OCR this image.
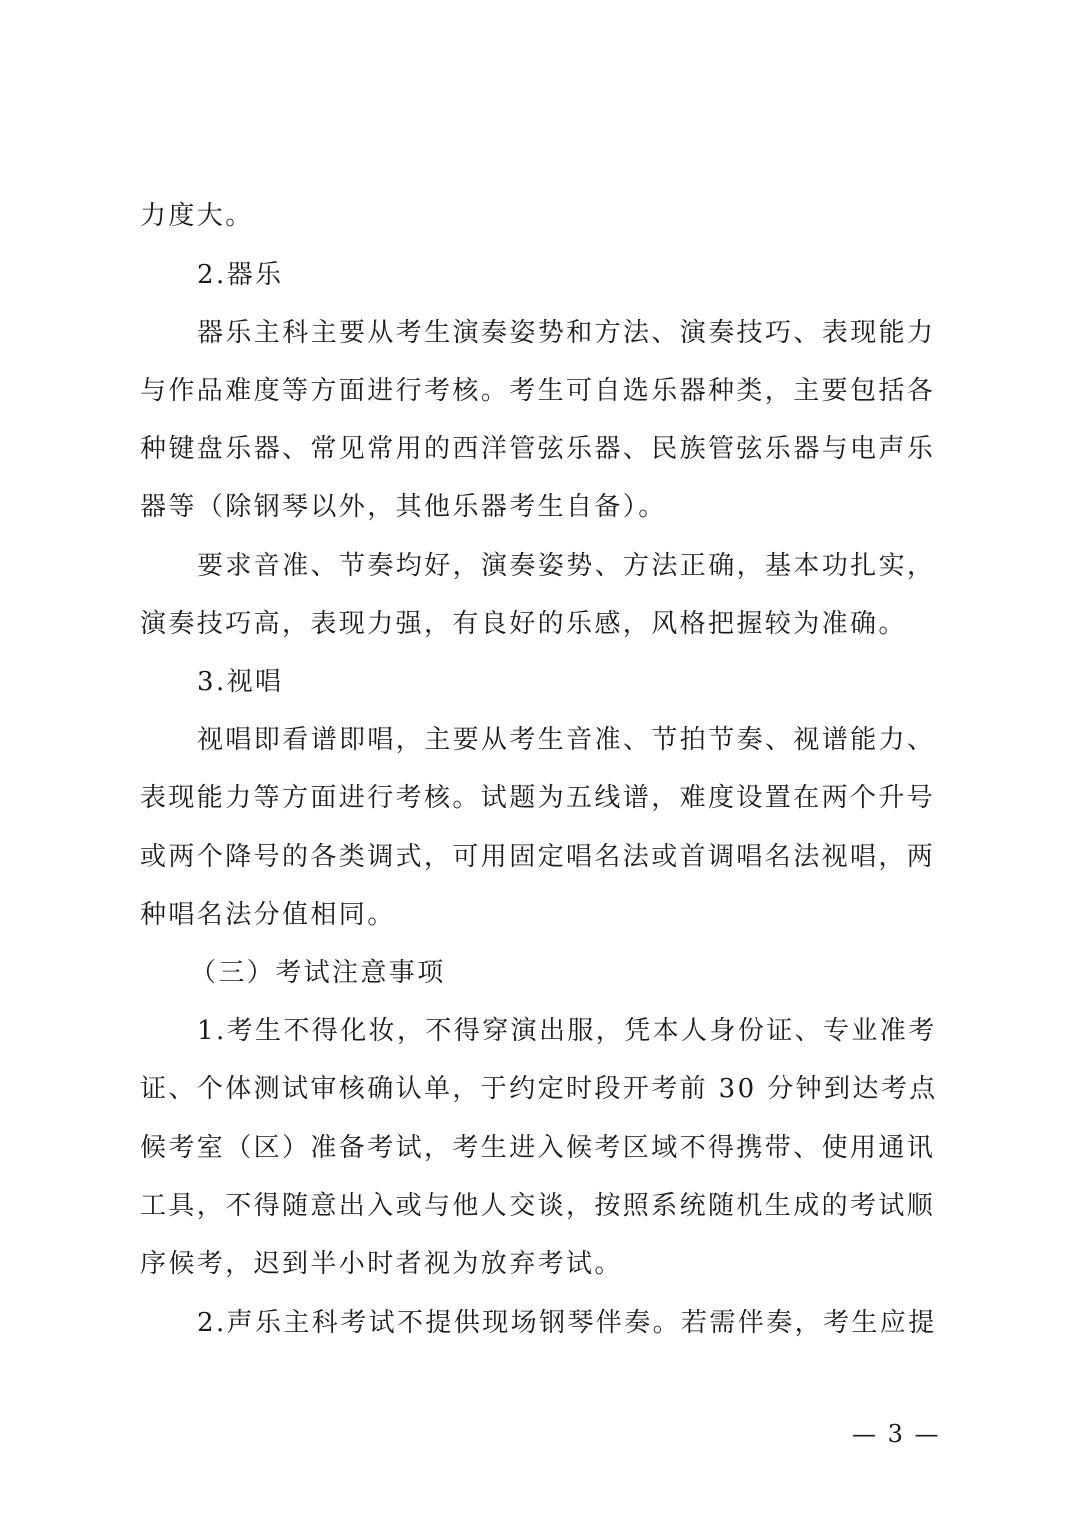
力度大。
2.器乐
器乐主科主要从考生演奏姿势和方法、演奏技巧、表现能力
与作品难度等方面进行考核。考生可自选乐器种类，主要包括各
种键盘乐器、常见常用的西洋管弦乐器、民族管弦乐器与电声乐
器等（除钢琴以外，其他乐器考生自备）。
要求音准、节奏均好，演奏姿势、方法正确，基本功扎实，
演奏技巧高，表现力强，有良好的乐感，风格把握较为准确。
3.视唱
视唱即看谱即唱，主要从考生音准、节拍节奏、视谱能力、
表现能力等方面进行考核。试题为五线谱，难度设置在两个升号
或两个降号的各类调式，可用固定唱名法或首调唱名法视唱，两
种唱名法分值相同。
（三）考试注意事项
1.考生不得化妆，不得穿演出服，凭本人身份证、专业准考
证、个体测试审核确认单，于约定时段开考前 30 分钟到达考点
候考室（区）准备考试，考生进入候考区域不得携带、使用通讯
工具，不得随意出入或与他人交谈，按照系统随机生成的考试顺
序候考，迟到半小时者视为放弃考试。
2.声乐主科考试不提供现场钢琴伴奏。若需伴奏，考生应提
— 3 —
